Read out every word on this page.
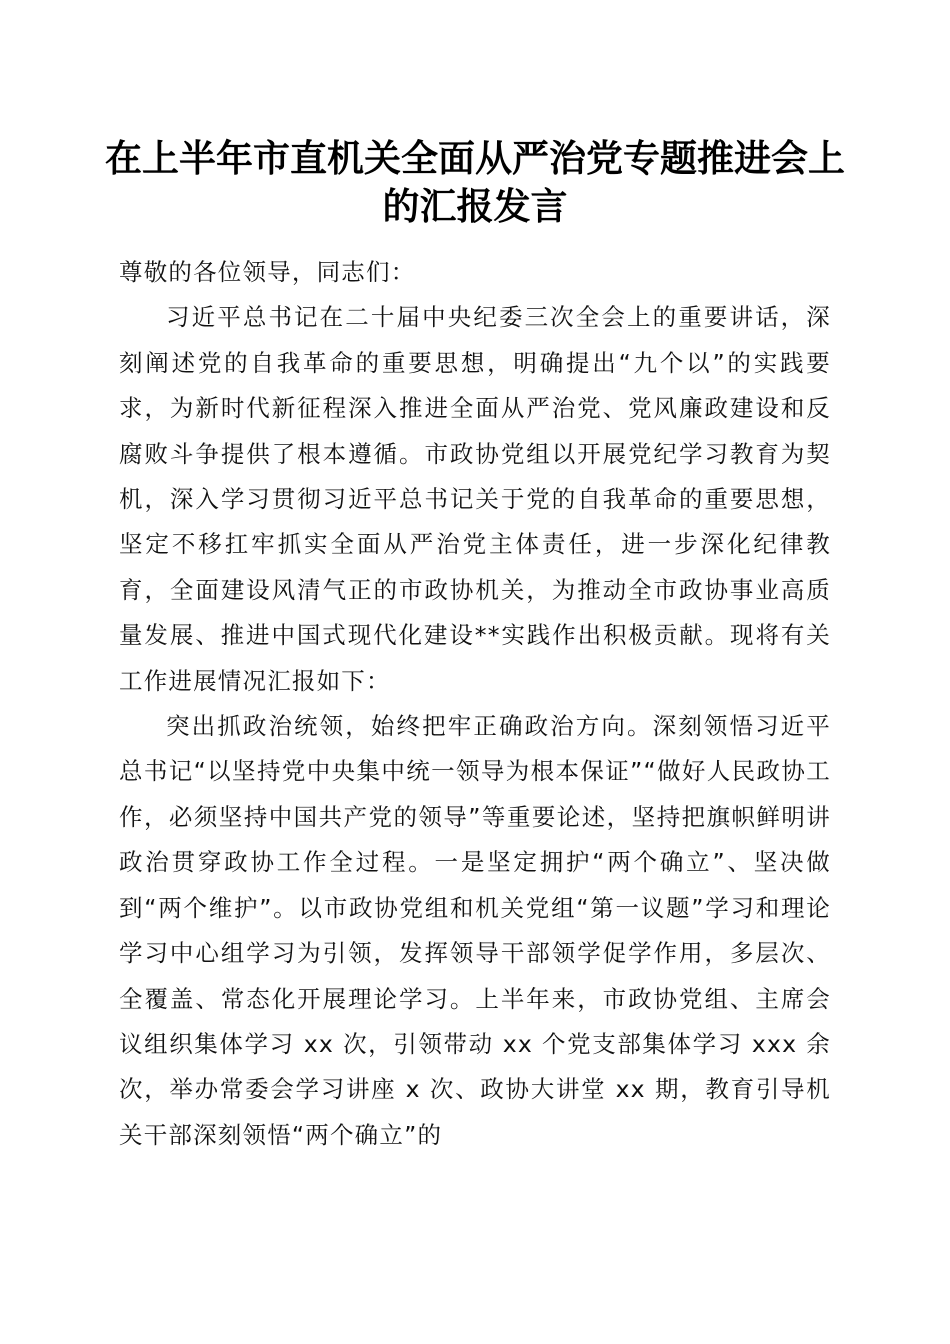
在上半年市直机关全面从严治党专题推进会上
的汇报发言

尊敬的各位领导，同志们：

习近平总书记在二十届中央纪委三次全会上的重要讲话，深刻阐述党的自我革命的重要思想，明确提出“九个以”的实践要求，为新时代新征程深入推进全面从严治党、党风廉政建设和反腐败斗争提供了根本遵循。市政协党组以开展党纪学习教育为契机，深入学习贯彻习近平总书记关于党的自我革命的重要思想，坚定不移扛牢抓实全面从严治党主体责任，进一步深化纪律教育，全面建设风清气正的市政协机关，为推动全市政协事业高质量发展、推进中国式现代化建设**实践作出积极贡献。现将有关工作进展情况汇报如下：

突出抓政治统领，始终把牢正确政治方向。深刻领悟习近平总书记“以坚持党中央集中统一领导为根本保证”“做好人民政协工作，必须坚持中国共产党的领导”等重要论述，坚持把旗帜鲜明讲政治贯穿政协工作全过程。一是坚定拥护“两个确立”、坚决做到“两个维护”。以市政协党组和机关党组“第一议题”学习和理论学习中心组学习为引领，发挥领导干部领学促学作用，多层次、全覆盖、常态化开展理论学习。上半年来，市政协党组、主席会议组织集体学习 xx 次，引领带动 xx 个党支部集体学习 xxx 余次，举办常委会学习讲座 x 次、政协大讲堂 xx 期，教育引导机关干部深刻领悟“两个确立”的
